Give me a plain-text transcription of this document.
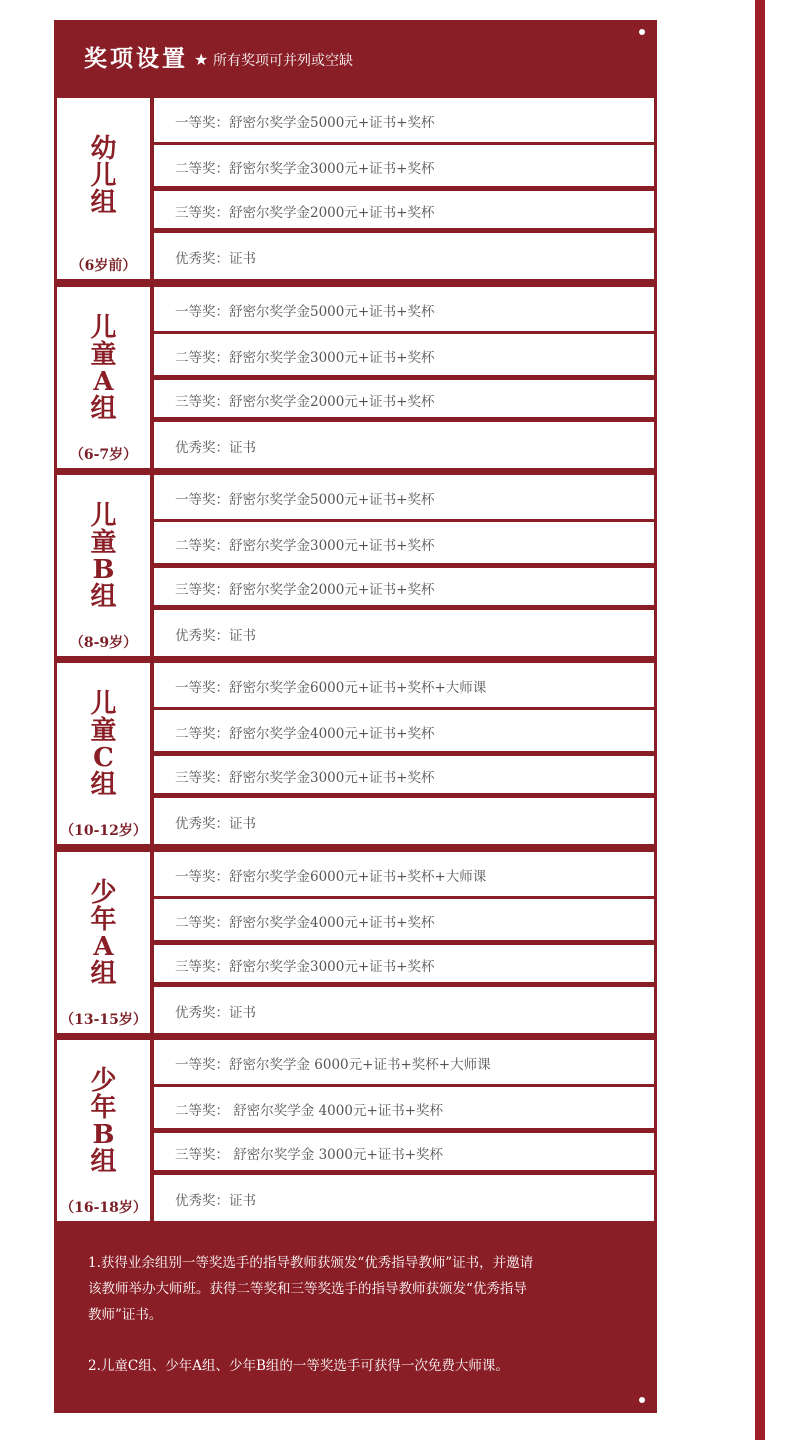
奖项设置 ★ 所有奖项可并列或空缺
幼
儿
组
（6岁前）
一等奖：舒密尔奖学金5000元+证书+奖杯
二等奖：舒密尔奖学金3000元+证书+奖杯
三等奖：舒密尔奖学金2000元+证书+奖杯
优秀奖：证书
儿
童
A
组
（6-7岁）
一等奖：舒密尔奖学金5000元+证书+奖杯
二等奖：舒密尔奖学金3000元+证书+奖杯
三等奖：舒密尔奖学金2000元+证书+奖杯
优秀奖：证书
儿
童
B
组
（8-9岁）
一等奖：舒密尔奖学金5000元+证书+奖杯
二等奖：舒密尔奖学金3000元+证书+奖杯
三等奖：舒密尔奖学金2000元+证书+奖杯
优秀奖：证书
儿
童
C
组
（10-12岁）
一等奖：舒密尔奖学金6000元+证书+奖杯+大师课
二等奖：舒密尔奖学金4000元+证书+奖杯
三等奖：舒密尔奖学金3000元+证书+奖杯
优秀奖：证书
少
年
A
组
（13-15岁）
一等奖：舒密尔奖学金6000元+证书+奖杯+大师课
二等奖：舒密尔奖学金4000元+证书+奖杯
三等奖：舒密尔奖学金3000元+证书+奖杯
优秀奖：证书
少
年
B
组
（16-18岁）
一等奖：舒密尔奖学金 6000元+证书+奖杯+大师课
二等奖： 舒密尔奖学金 4000元+证书+奖杯
三等奖： 舒密尔奖学金 3000元+证书+奖杯
优秀奖：证书

1.获得业余组别一等奖选手的指导教师获颁发“优秀指导教师”证书，并邀请

该教师举办大师班。获得二等奖和三等奖选手的指导教师获颁发“优秀指导

教师”证书。

2.儿童C组、少年A组、少年B组的一等奖选手可获得一次免费大师课。
